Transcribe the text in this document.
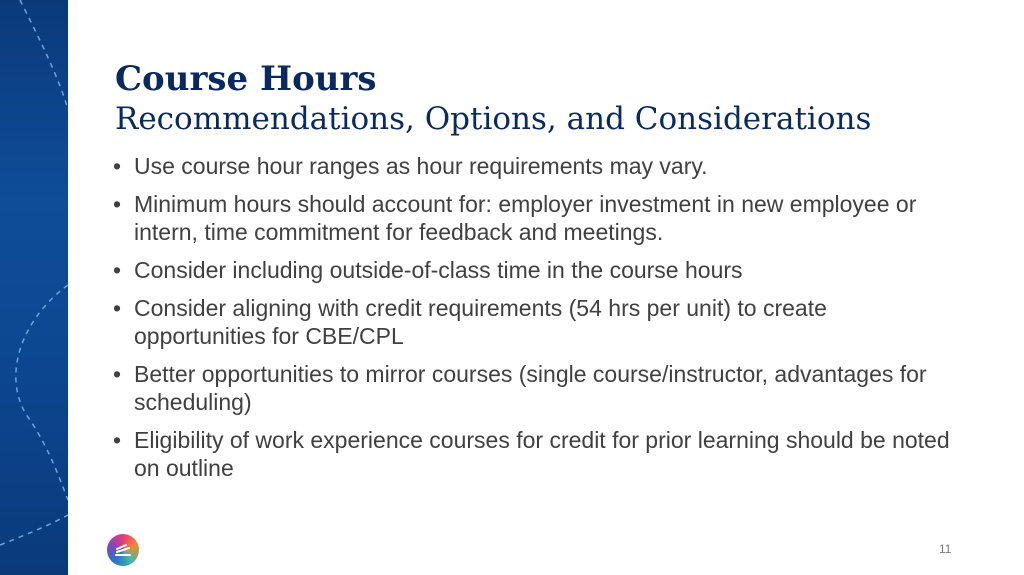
Course Hours
Recommendations, Options, and Considerations
• Use course hour ranges as hour requirements may vary.
• Minimum hours should account for: employer investment in new employee or intern, time commitment for feedback and meetings.
• Consider including outside-of-class time in the course hours
• Consider aligning with credit requirements (54 hrs per unit) to create opportunities for CBE/CPL
• Better opportunities to mirror courses (single course/instructor, advantages for scheduling)
• Eligibility of work experience courses for credit for prior learning should be noted on outline
11
